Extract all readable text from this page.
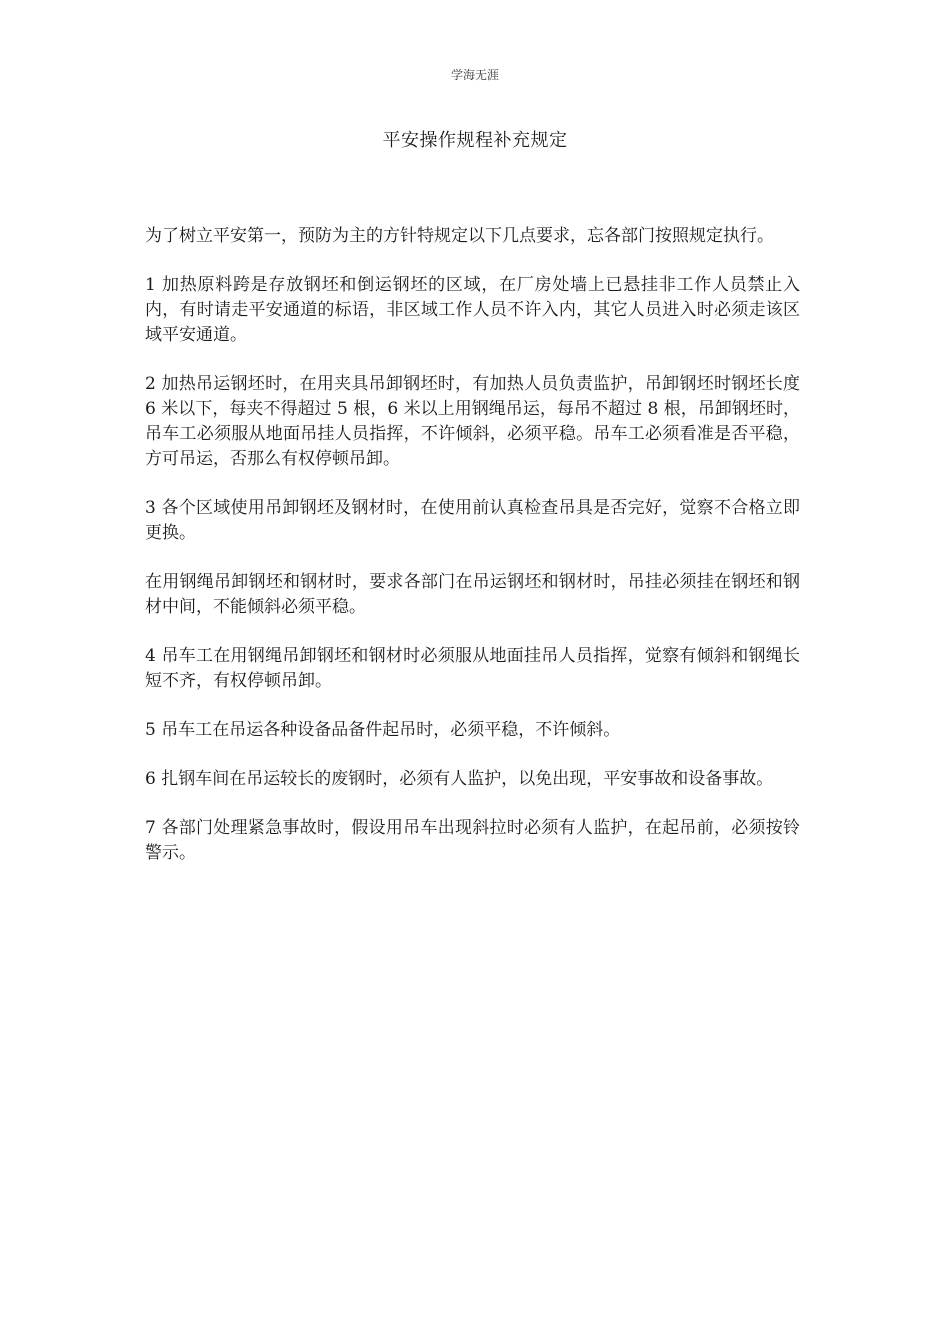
学海无涯
平安操作规程补充规定

为了树立平安第一，预防为主的方针特规定以下几点要求，忘各部门按照规定执行。

1 加热原料跨是存放钢坯和倒运钢坯的区域，在厂房处墙上已悬挂非工作人员禁止入内，有时请走平安通道的标语，非区域工作人员不许入内，其它人员进入时必须走该区域平安通道。

2 加热吊运钢坯时，在用夹具吊卸钢坯时，有加热人员负责监护，吊卸钢坯时钢坯长度 6 米以下，每夹不得超过 5 根，6 米以上用钢绳吊运，每吊不超过 8 根，吊卸钢坯时，吊车工必须服从地面吊挂人员指挥，不许倾斜，必须平稳。吊车工必须看准是否平稳，方可吊运，否那么有权停顿吊卸。

3 各个区域使用吊卸钢坯及钢材时，在使用前认真检查吊具是否完好，觉察不合格立即更换。

在用钢绳吊卸钢坯和钢材时，要求各部门在吊运钢坯和钢材时，吊挂必须挂在钢坯和钢材中间，不能倾斜必须平稳。

4 吊车工在用钢绳吊卸钢坯和钢材时必须服从地面挂吊人员指挥，觉察有倾斜和钢绳长短不齐，有权停顿吊卸。

5 吊车工在吊运各种设备品备件起吊时，必须平稳，不许倾斜。

6 扎钢车间在吊运较长的废钢时，必须有人监护，以免出现，平安事故和设备事故。

7 各部门处理紧急事故时，假设用吊车出现斜拉时必须有人监护，在起吊前，必须按铃警示。
